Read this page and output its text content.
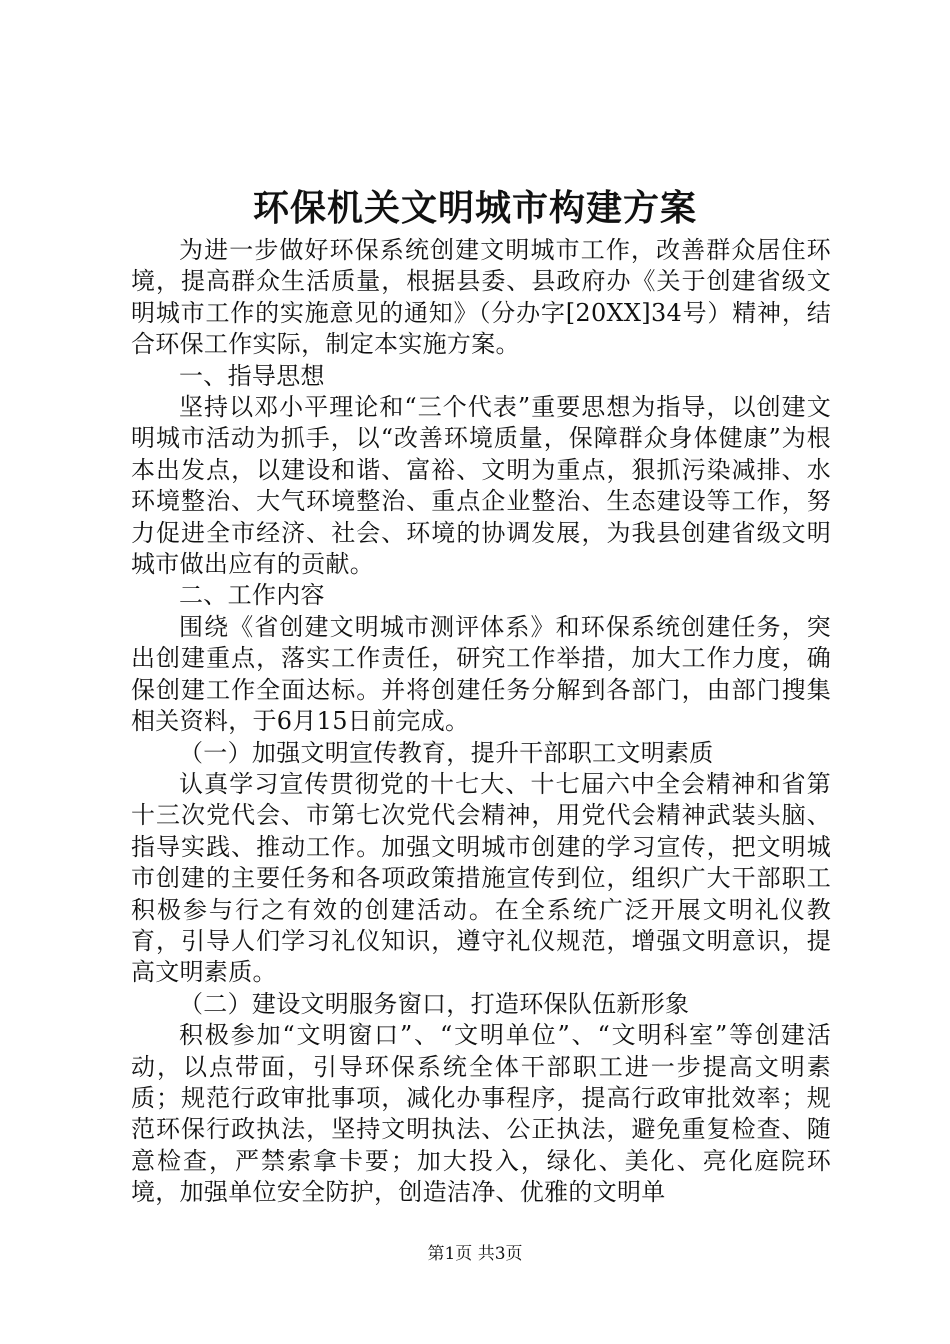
环保机关文明城市构建方案

为进一步做好环保系统创建文明城市工作，改善群众居住环境，提高群众生活质量，根据县委、县政府办《关于创建省级文明城市工作的实施意见的通知》（分办字[20XX]34号）精神，结合环保工作实际，制定本实施方案。

一、指导思想

坚持以邓小平理论和“三个代表”重要思想为指导，以创建文明城市活动为抓手，以“改善环境质量，保障群众身体健康”为根本出发点，以建设和谐、富裕、文明为重点，狠抓污染减排、水环境整治、大气环境整治、重点企业整治、生态建设等工作，努力促进全市经济、社会、环境的协调发展，为我县创建省级文明城市做出应有的贡献。

二、工作内容

围绕《省创建文明城市测评体系》和环保系统创建任务，突出创建重点，落实工作责任，研究工作举措，加大工作力度，确保创建工作全面达标。并将创建任务分解到各部门，由部门搜集相关资料，于6月15日前完成。

（一）加强文明宣传教育，提升干部职工文明素质

认真学习宣传贯彻党的十七大、十七届六中全会精神和省第十三次党代会、市第七次党代会精神，用党代会精神武装头脑、指导实践、推动工作。加强文明城市创建的学习宣传，把文明城市创建的主要任务和各项政策措施宣传到位，组织广大干部职工积极参与行之有效的创建活动。在全系统广泛开展文明礼仪教育，引导人们学习礼仪知识，遵守礼仪规范，增强文明意识，提高文明素质。

（二）建设文明服务窗口，打造环保队伍新形象

积极参加“文明窗口”、“文明单位”、“文明科室”等创建活动，以点带面，引导环保系统全体干部职工进一步提高文明素质；规范行政审批事项，减化办事程序，提高行政审批效率；规范环保行政执法，坚持文明执法、公正执法，避免重复检查、随意检查，严禁索拿卡要；加大投入，绿化、美化、亮化庭院环境，加强单位安全防护，创造洁净、优雅的文明单

第1页 共3页
